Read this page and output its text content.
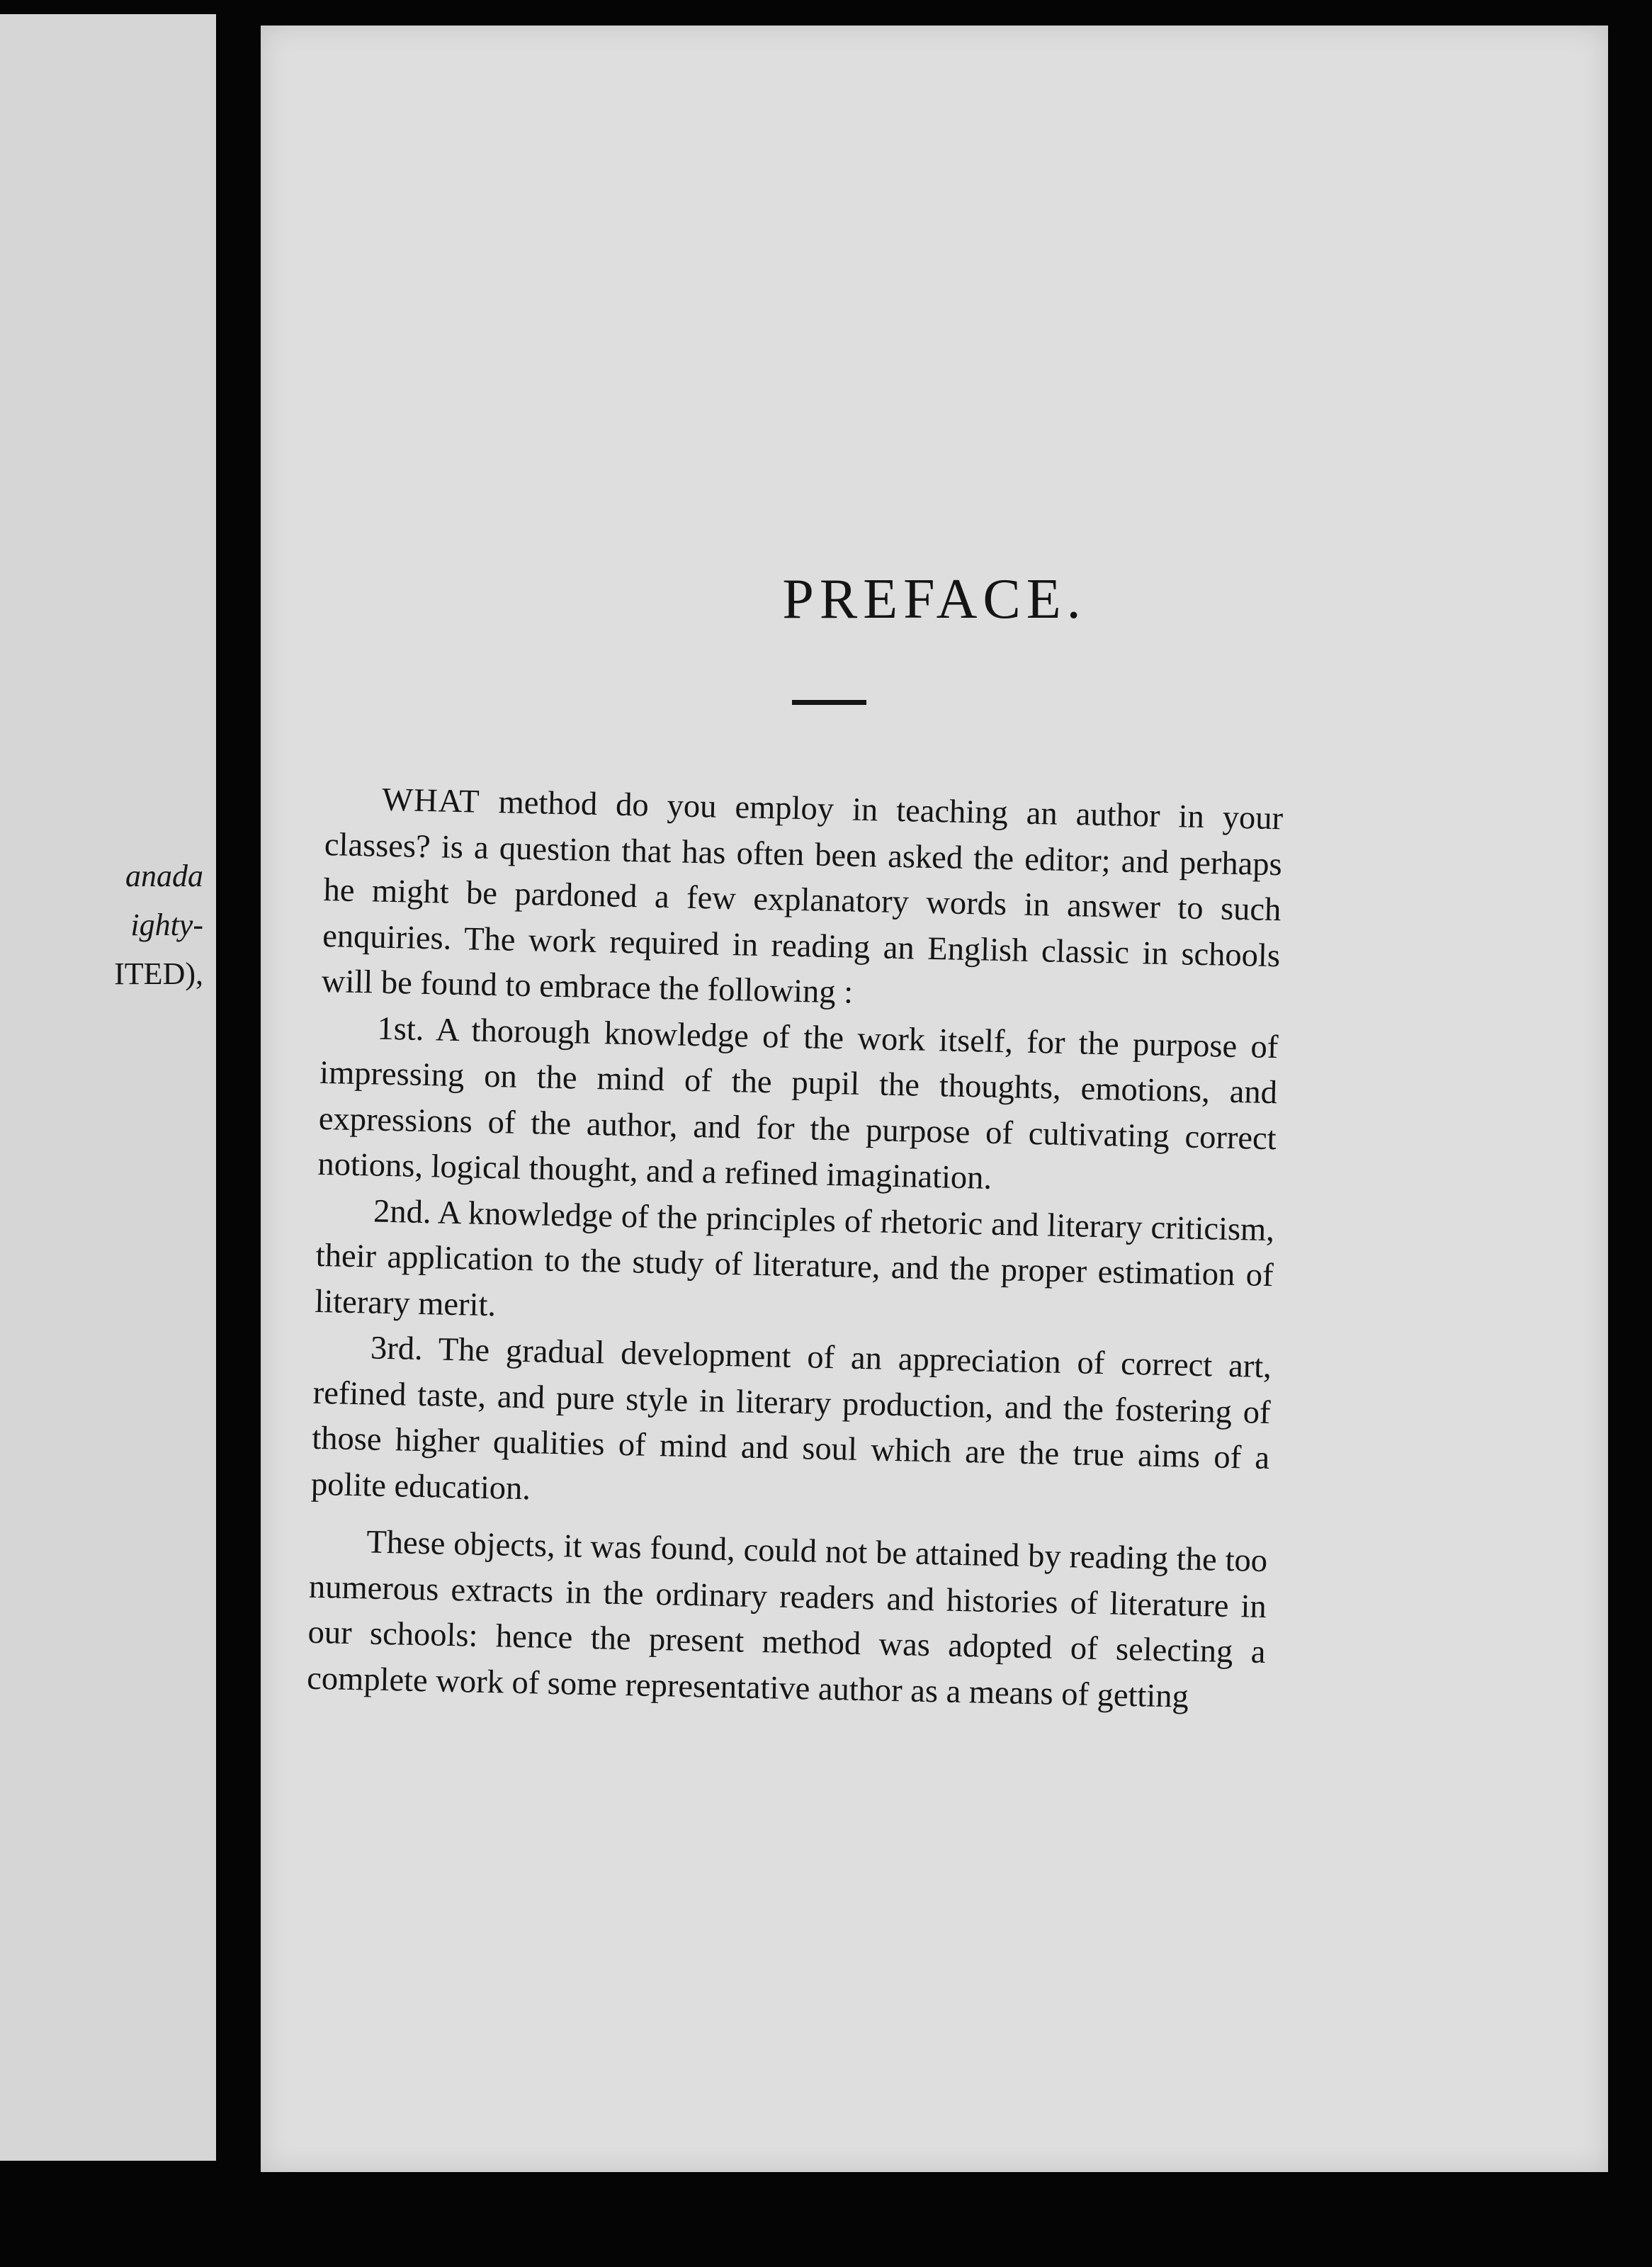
anada
ighty-
ITED),
PREFACE.

WHAT method do you employ in teaching an author in your classes? is a question that has often been asked the editor; and perhaps he might be pardoned a few explanatory words in answer to such enquiries. The work required in reading an English classic in schools will be found to embrace the following :

1st. A thorough knowledge of the work itself, for the purpose of impressing on the mind of the pupil the thoughts, emotions, and expressions of the author, and for the purpose of cultivating correct notions, logical thought, and a refined imagination.

2nd. A knowledge of the principles of rhetoric and literary criticism, their application to the study of literature, and the proper estimation of literary merit.

3rd. The gradual development of an appreciation of correct art, refined taste, and pure style in literary production, and the fostering of those higher qualities of mind and soul which are the true aims of a polite education.

These objects, it was found, could not be attained by reading the too numerous extracts in the ordinary readers and histories of literature in our schools: hence the present method was adopted of selecting a complete work of some representative author as a means of getting
